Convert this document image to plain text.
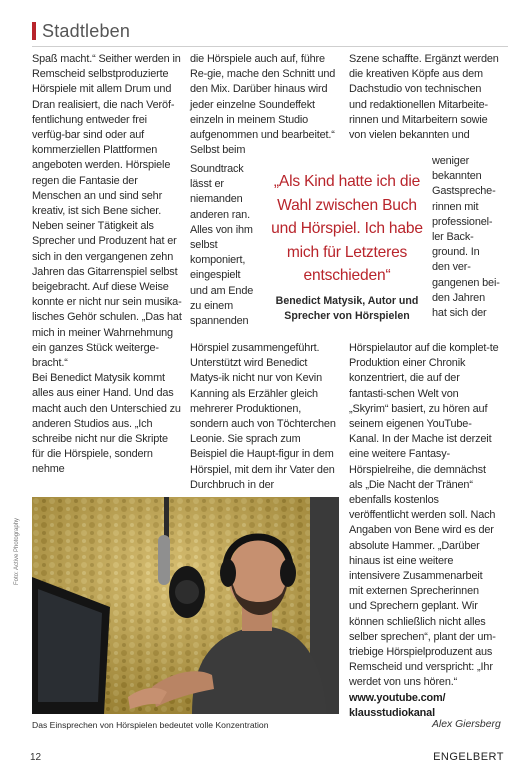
Stadtleben

Spaß macht.“ Seither werden in Remscheid selbstproduzierte Hörspiele mit allem Drum und Dran realisiert, die nach Veröf-fentlichung entweder frei verfüg-bar sind oder auf kommerziellen Plattformen angeboten werden. Hörspiele regen die Fantasie der Menschen an und sind sehr kreativ, ist sich Bene sicher. Neben seiner Tätigkeit als Sprecher und Produzent hat er sich in den vergangenen zehn Jahren das Gitarrenspiel selbst beigebracht. Auf diese Weise konnte er nicht nur sein musika-lisches Gehör schulen. „Das hat mich in meiner Wahrnehmung ein ganzes Stück weiterge-bracht.“

Bei Benedict Matysik kommt alles aus einer Hand. Und das macht auch den Unterschied zu anderen Studios aus. „Ich schreibe nicht nur die Skripte für die Hörspiele, sondern nehme

die Hörspiele auch auf, führe Re-gie, mache den Schnitt und den Mix. Darüber hinaus wird jeder einzelne Soundeffekt einzeln in meinem Studio aufgenommen und bearbeitet.“ Selbst beim

Soundtrack lässt er niemanden anderen ran. Alles von ihm selbst komponiert, eingespielt und am Ende zu einem spannenden

Hörspiel zusammengeführt. Unterstützt wird Benedict Matys-ik nicht nur von Kevin Kanning als Erzähler gleich mehrerer Produktionen, sondern auch von Töchterchen Leonie. Sie sprach zum Beispiel die Haupt-figur in dem Hörspiel, mit dem ihr Vater den Durchbruch in der

Szene schaffte. Ergänzt werden die kreativen Köpfe aus dem Dachstudio von technischen und redaktionellen Mitarbeite-rinnen und Mitarbeitern sowie von vielen bekannten und

weniger bekannten Gastspreche-rinnen mit professionel-ler Back-ground. In den ver-gangenen bei-den Jahren hat sich der

Hörspielautor auf die komplet-te Produktion einer Chronik konzentriert, die auf der fantasti-schen Welt von „Skyrim“ basiert, zu hören auf seinem eigenen YouTube-Kanal. In der Mache ist derzeit eine weitere Fantasy-Hörspielreihe, die demnächst als „Die Nacht der Tränen“ ebenfalls kostenlos veröffentlicht werden soll. Nach Angaben von Bene wird es der absolute Hammer. „Darüber hinaus ist eine weitere intensivere Zusammenarbeit mit externen Sprecherinnen und Sprechern geplant. Wir können schließlich nicht alles selber sprechen“, plant der um-triebige Hörspielproduzent aus Remscheid und verspricht: „Ihr werdet von uns hören.“

www.youtube.com/ klausstudiokanal

„Als Kind hatte ich die Wahl zwischen Buch und Hörspiel. Ich habe mich für Letzteres entschieden“
Benedict Matysik, Autor und Sprecher von Hörspielen
Foto: Active Photography
Das Einsprechen von Hörspielen bedeutet volle Konzentration	Alex Giersberg
12	ENGELBERT
